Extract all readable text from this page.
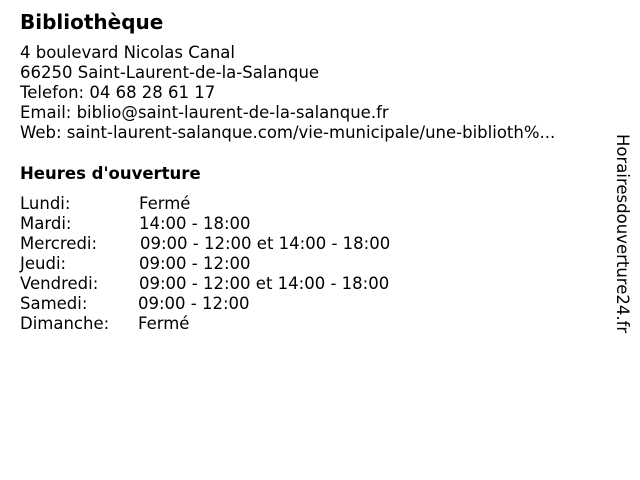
Bibliothèque
4 boulevard Nicolas Canal
66250 Saint-Laurent-de-la-Salanque
Telefon: 04 68 28 61 17
Email: biblio@saint-laurent-de-la-salanque.fr
Web: saint-laurent-salanque.com/vie-municipale/une-biblioth%...
Heures d'ouverture
Lundi:	Fermé
Mardi:	14:00 - 18:00
Mercredi:	09:00 - 12:00 et 14:00 - 18:00
Jeudi:	09:00 - 12:00
Vendredi: 09:00 - 12:00 et 14:00 - 18:00
Samedi:	09:00 - 12:00
Dimanche: Fermé	Horairesdouverture24.fr
